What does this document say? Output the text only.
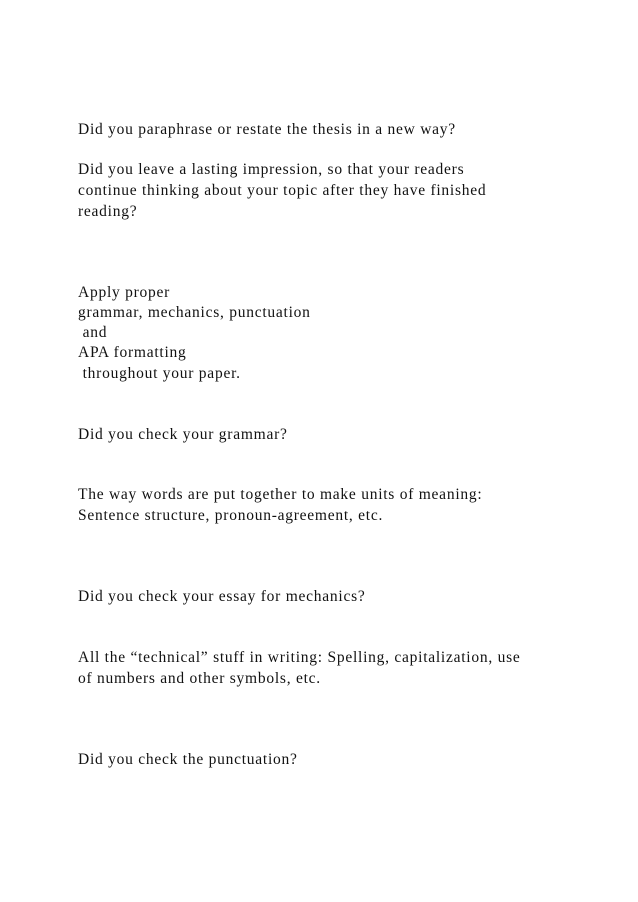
Did you paraphrase or restate the thesis in a new way?

Did you leave a lasting impression, so that your readers

continue thinking about your topic after they have finished

reading?

Apply proper

grammar, mechanics, punctuation

and

APA formatting

throughout your paper.

Did you check your grammar?

The way words are put together to make units of meaning:

Sentence structure, pronoun-agreement, etc.

Did you check your essay for mechanics?

All the “technical” stuff in writing: Spelling, capitalization, use

of numbers and other symbols, etc.

Did you check the punctuation?
